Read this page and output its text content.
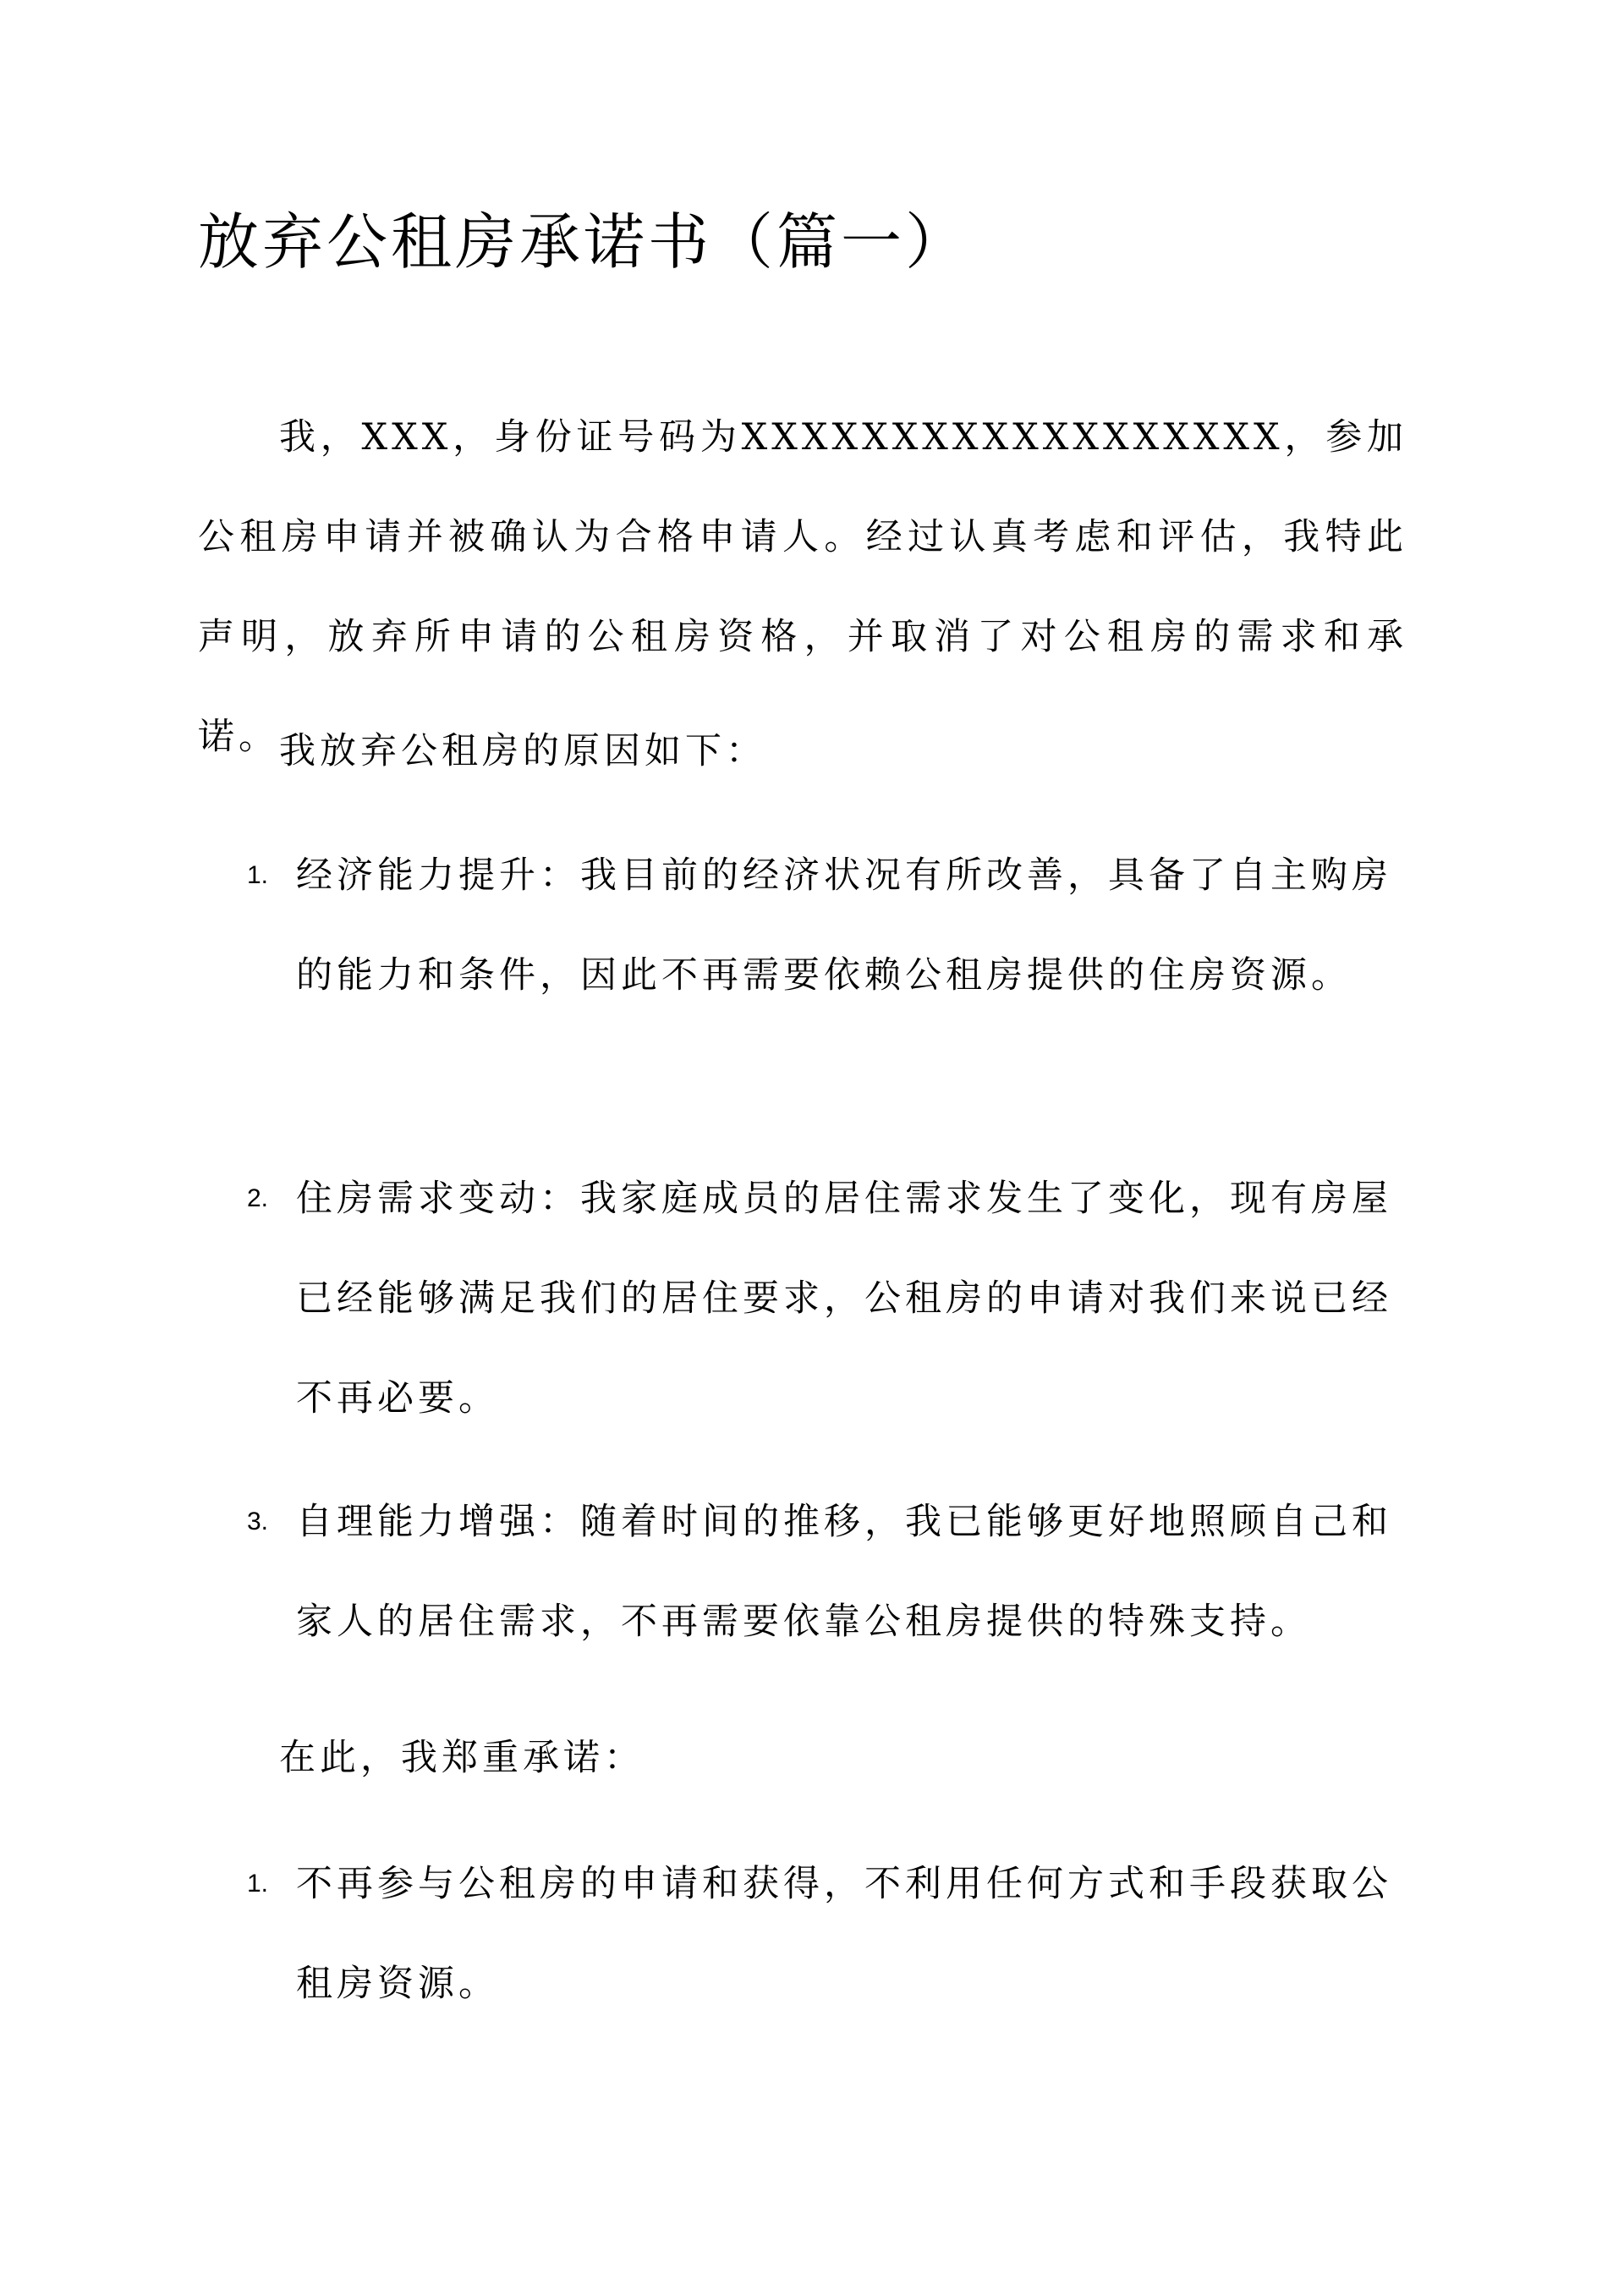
放弃公租房承诺书（篇一）

我，XXX，身份证号码为XXXXXXXXXXXXXXXXXX，参加公租房申请并被确认为合格申请人。经过认真考虑和评估，我特此声明，放弃所申请的公租房资格，并取消了对公租房的需求和承诺。 我放弃公租房的原因如下：

1. 经济能力提升：我目前的经济状况有所改善，具备了自主购房的能力和条件，因此不再需要依赖公租房提供的住房资源。

2. 住房需求变动：我家庭成员的居住需求发生了变化，现有房屋已经能够满足我们的居住要求，公租房的申请对我们来说已经不再必要。

3. 自理能力增强：随着时间的推移，我已能够更好地照顾自己和家人的居住需求，不再需要依靠公租房提供的特殊支持。

在此，我郑重承诺：

1. 不再参与公租房的申请和获得，不利用任何方式和手段获取公租房资源。
